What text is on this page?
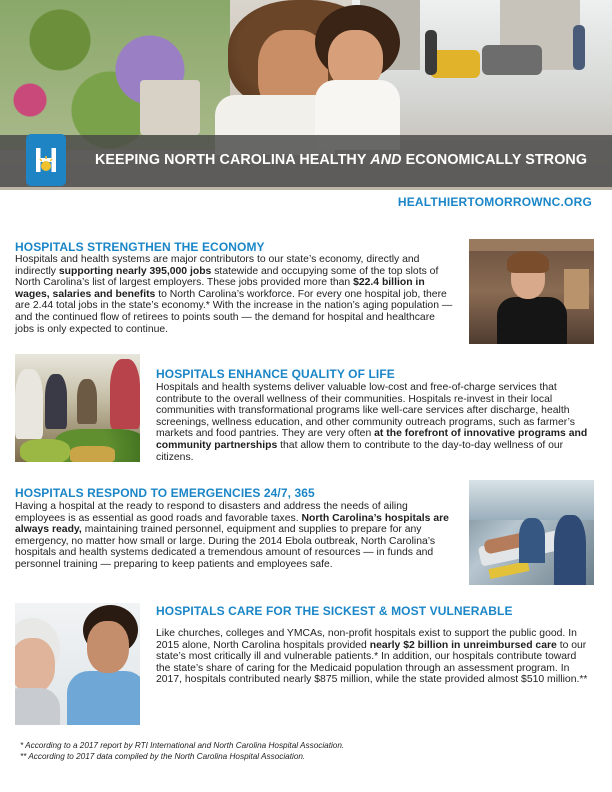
KEEPING NORTH CAROLINA HEALTHY AND ECONOMICALLY STRONG
HEALTHIERTOMORROWNC.ORG
HOSPITALS STRENGTHEN THE ECONOMY
Hospitals and health systems are major contributors to our state’s economy, directly and indirectly supporting nearly 395,000 jobs statewide and occupying some of the top slots of North Carolina’s list of largest employers. These jobs provided more than $22.4 billion in wages, salaries and benefits to North Carolina’s workforce. For every one hospital job, there are 2.44 total jobs in the state’s economy.* With the increase in the nation’s aging population — and the continued flow of retirees to points south — the demand for hospital and healthcare jobs is only expected to continue.
HOSPITALS ENHANCE QUALITY OF LIFE
Hospitals and health systems deliver valuable low-cost and free-of-charge services that contribute to the overall wellness of their communities. Hospitals re-invest in their local communities with transformational programs like well-care services after discharge, health screenings, wellness education, and other community outreach programs, such as farmer’s markets and food pantries. They are very often at the forefront of innovative programs and community partnerships that allow them to contribute to the day-to-day wellness of our citizens.
HOSPITALS RESPOND TO EMERGENCIES 24/7, 365
Having a hospital at the ready to respond to disasters and address the needs of ailing employees is as essential as good roads and favorable taxes. North Carolina’s hospitals are always ready, maintaining trained personnel, equipment and supplies to prepare for any emergency, no matter how small or large. During the 2014 Ebola outbreak, North Carolina’s hospitals and health systems dedicated a tremendous amount of resources — in funds and personnel training — preparing to keep patients and employees safe.
HOSPITALS CARE FOR THE SICKEST & MOST VULNERABLE
Like churches, colleges and YMCAs, non-profit hospitals exist to support the public good. In 2015 alone, North Carolina hospitals provided nearly $2 billion in unreimbursed care to our state’s most critically ill and vulnerable patients.* In addition, our hospitals contribute toward the state’s share of caring for the Medicaid population through an assessment program. In 2017, hospitals contributed nearly $875 million, while the state provided almost $510 million.**
* According to a 2017 report by RTI International and North Carolina Hospital Association.
** According to 2017 data compiled by the North Carolina Hospital Association.
